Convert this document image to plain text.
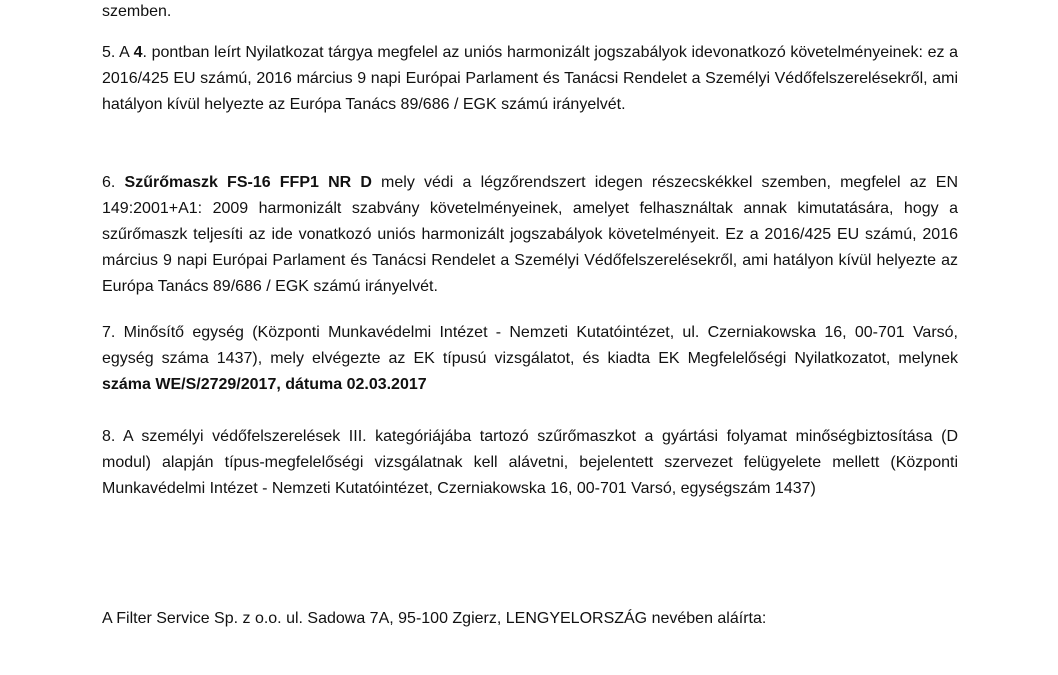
szemben.

5. A 4. pontban leírt Nyilatkozat tárgya megfelel az uniós harmonizált jogszabályok idevonatkozó követelményeinek: ez a 2016/425 EU számú, 2016 március 9 napi Európai Parlament és Tanácsi Rendelet a Személyi Védőfelszerelésekről, ami hatályon kívül helyezte az Európa Tanács 89/686 / EGK számú irányelvét.

6. Szűrőmaszk FS-16 FFP1 NR D mely védi a légzőrendszert idegen részecskékkel szemben, megfelel az EN 149:2001+A1: 2009 harmonizált szabvány követelményeinek, amelyet felhasználtak annak kimutatására, hogy a szűrőmaszk teljesíti az ide vonatkozó uniós harmonizált jogszabályok követelményeit. Ez a 2016/425 EU számú, 2016 március 9 napi Európai Parlament és Tanácsi Rendelet a Személyi Védőfelszerelésekről, ami hatályon kívül helyezte az Európa Tanács 89/686 / EGK számú irányelvét.

7. Minősítő egység (Központi Munkavédelmi Intézet - Nemzeti Kutatóintézet, ul. Czerniakowska 16, 00-701 Varsó, egység száma 1437), mely elvégezte az EK típusú vizsgálatot, és kiadta EK Megfelelőségi Nyilatkozatot, melynek száma WE/S/2729/2017, dátuma 02.03.2017

8. A személyi védőfelszerelések III. kategóriájába tartozó szűrőmaszkot a gyártási folyamat minőségbiztosítása (D modul) alapján típus-megfelelőségi vizsgálatnak kell alávetni, bejelentett szervezet felügyelete mellett (Központi Munkavédelmi Intézet - Nemzeti Kutatóintézet, Czerniakowska 16, 00-701 Varsó, egységszám 1437)

A Filter Service Sp. z o.o. ul. Sadowa 7A, 95-100 Zgierz, LENGYELORSZÁG nevében aláírta:
